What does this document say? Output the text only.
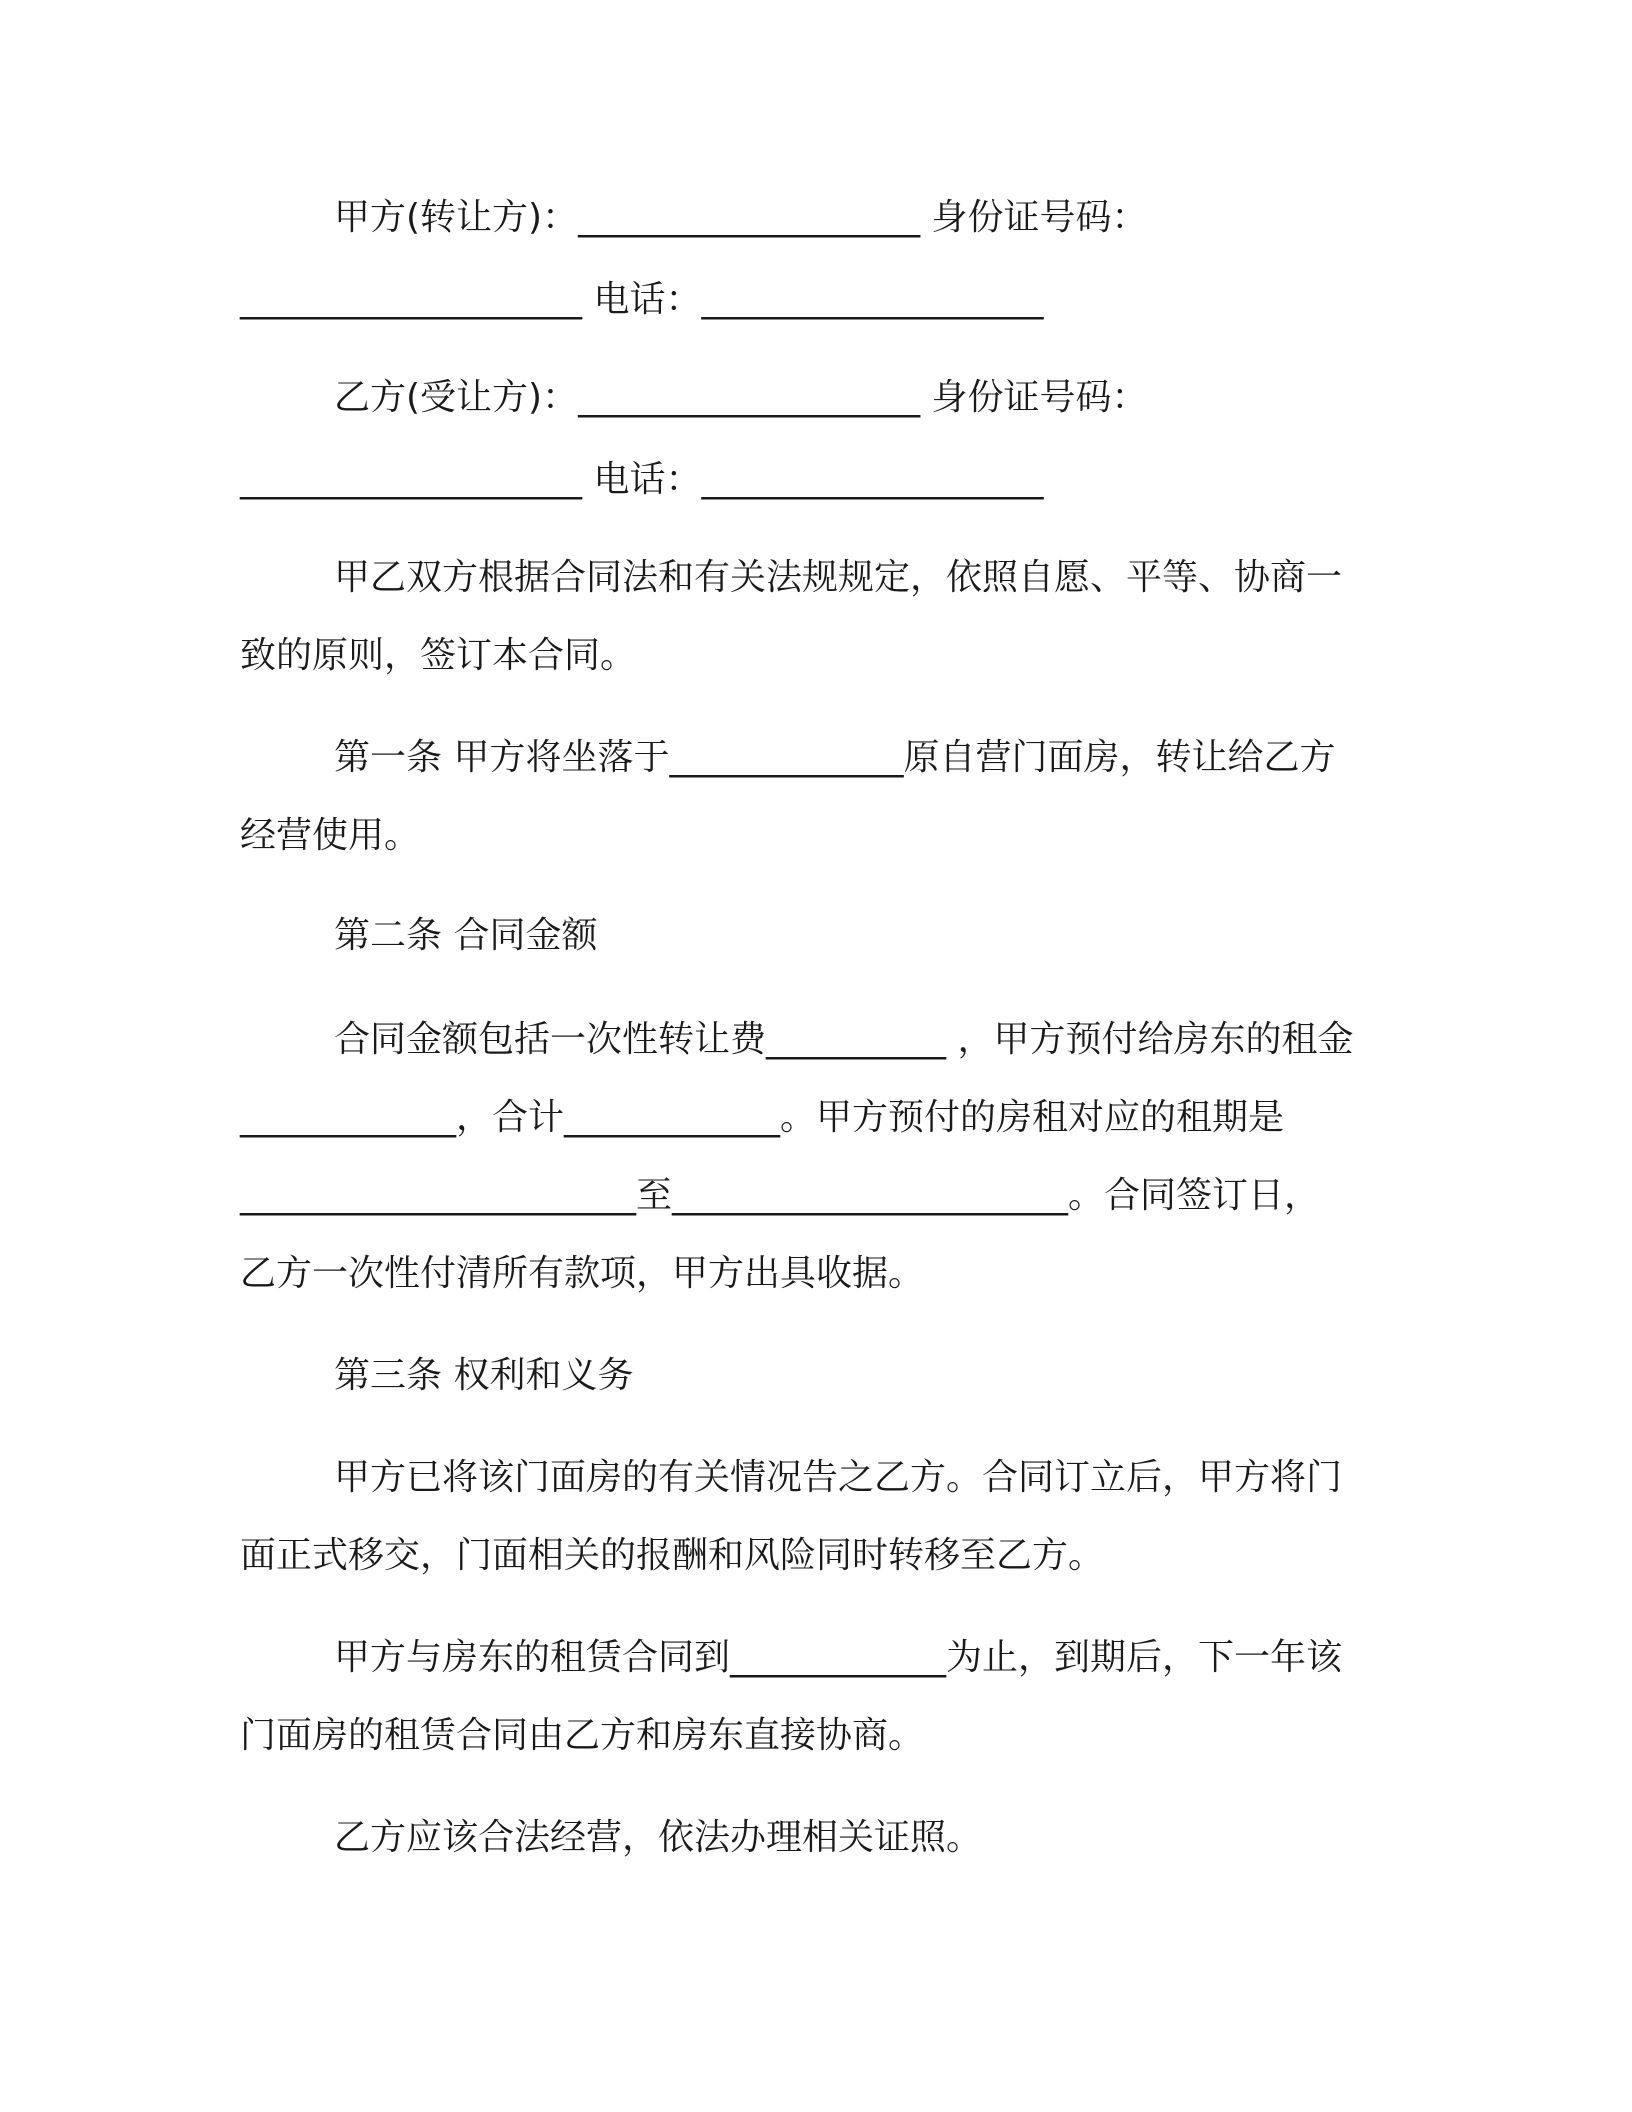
甲方(转让方)：___________________ 身份证号码：
___________________ 电话：___________________
乙方(受让方)：___________________ 身份证号码：
___________________ 电话：___________________
甲乙双方根据合同法和有关法规规定，依照自愿、平等、协商一
致的原则，签订本合同。
第一条 甲方将坐落于_____________原自营门面房，转让给乙方
经营使用。
第二条 合同金额
合同金额包括一次性转让费__________ ，甲方预付给房东的租金
____________，合计____________。甲方预付的房租对应的租期是
______________________至______________________。合同签订日，
乙方一次性付清所有款项，甲方出具收据。
第三条 权利和义务
甲方已将该门面房的有关情况告之乙方。合同订立后，甲方将门
面正式移交，门面相关的报酬和风险同时转移至乙方。
甲方与房东的租赁合同到____________为止，到期后，下一年该
门面房的租赁合同由乙方和房东直接协商。
乙方应该合法经营，依法办理相关证照。
